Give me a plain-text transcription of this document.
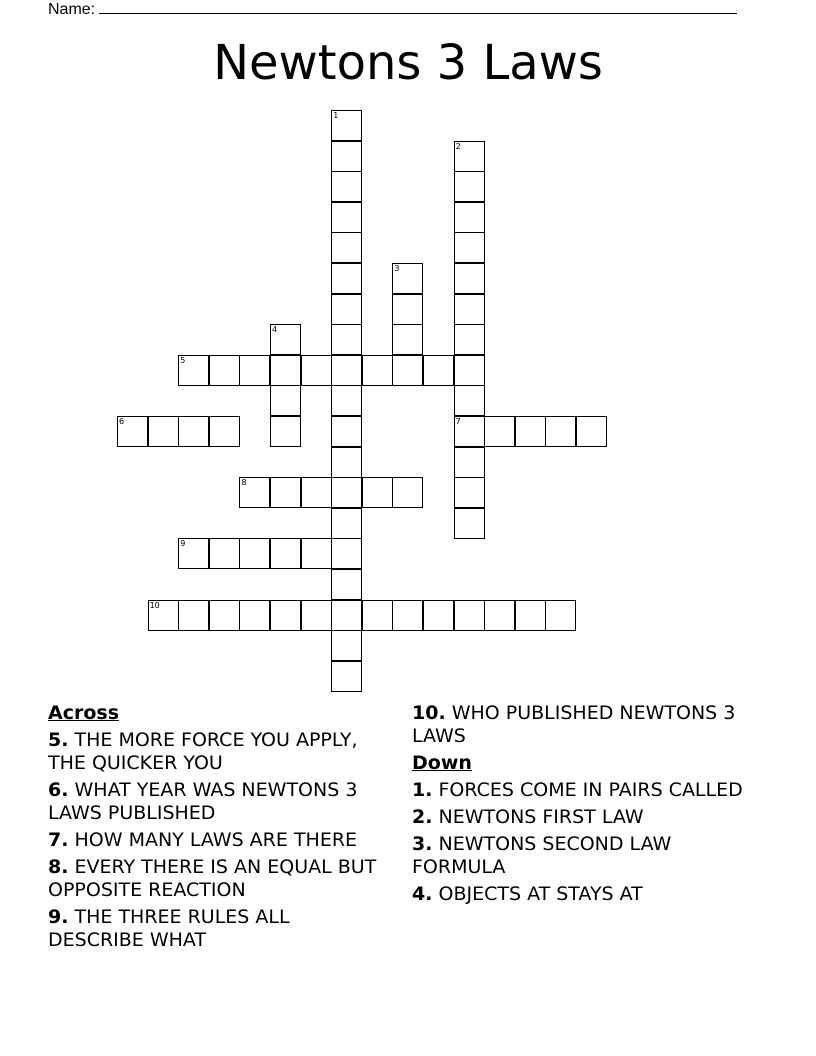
Name:
Newtons 3 Laws
1
2
7
3
4
5
6
8
9
10
Across
5. THE MORE FORCE YOU APPLY, THE QUICKER YOU
6. WHAT YEAR WAS NEWTONS 3 LAWS PUBLISHED
7. HOW MANY LAWS ARE THERE
8. EVERY THERE IS AN EQUAL BUT OPPOSITE REACTION
9. THE THREE RULES ALL DESCRIBE WHAT
10. WHO PUBLISHED NEWTONS 3 LAWS
Down
1. FORCES COME IN PAIRS CALLED
2. NEWTONS FIRST LAW
3. NEWTONS SECOND LAW FORMULA
4. OBJECTS AT STAYS AT
